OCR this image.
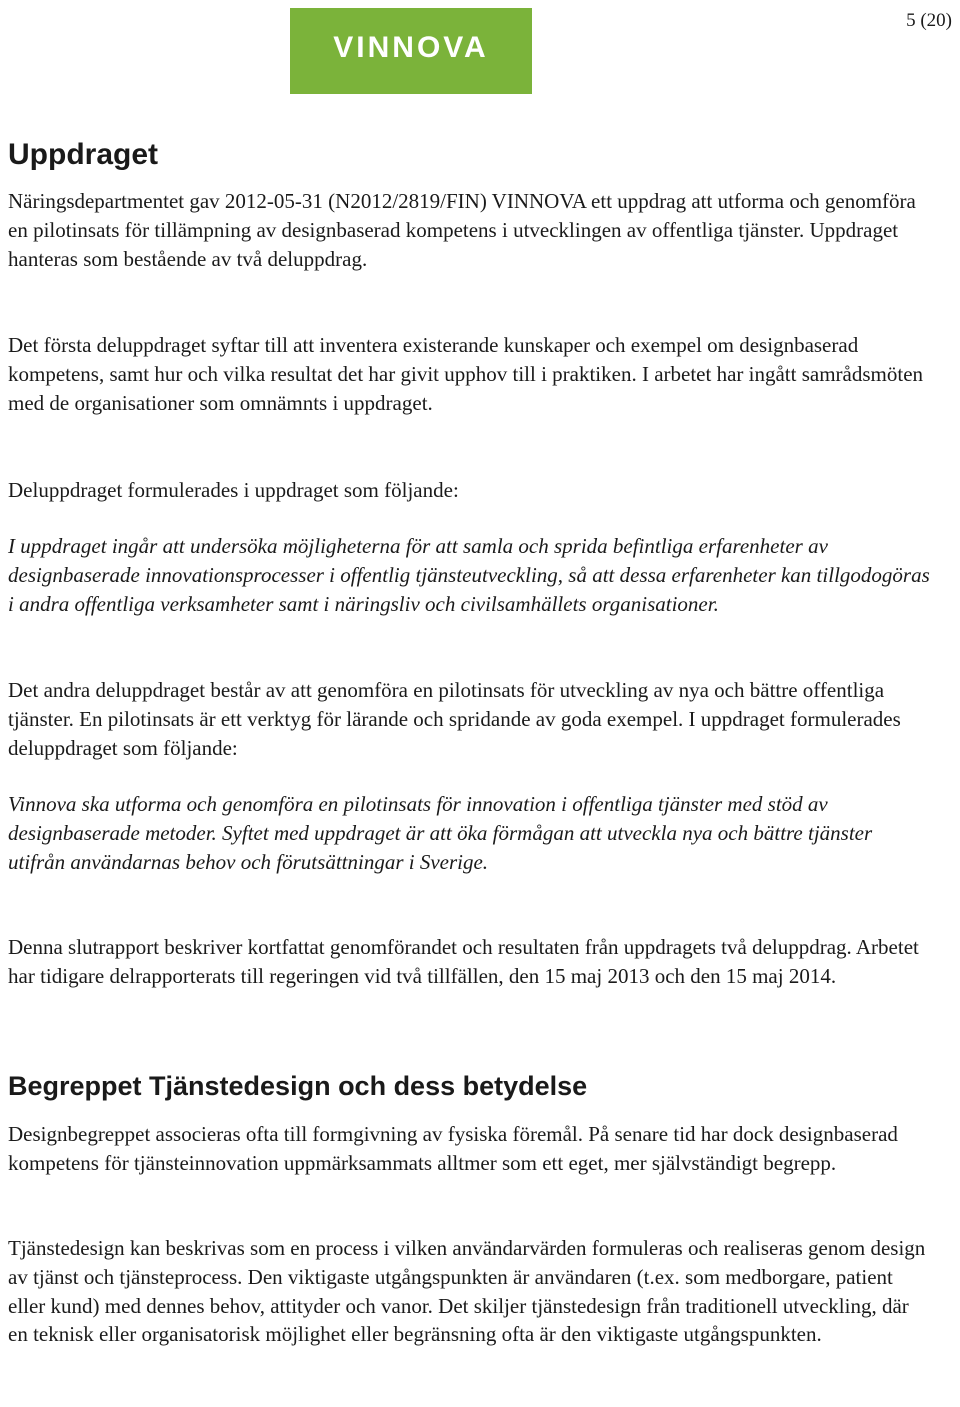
VINNOVA
5 (20)
Uppdraget

Näringsdepartmentet gav 2012-05-31 (N2012/2819/FIN) VINNOVA ett uppdrag att utforma och genomföra en pilotinsats för tillämpning av designbaserad kompetens i utvecklingen av offentliga tjänster. Uppdraget hanteras som bestående av två deluppdrag.

Det första deluppdraget syftar till att inventera existerande kunskaper och exempel om designbaserad kompetens, samt hur och vilka resultat det har givit upphov till i praktiken. I arbetet har ingått samrådsmöten med de organisationer som omnämnts i uppdraget.

Deluppdraget formulerades i uppdraget som följande:

I uppdraget ingår att undersöka möjligheterna för att samla och sprida befintliga erfarenheter av designbaserade innovationsprocesser i offentlig tjänsteutveckling, så att dessa erfarenheter kan tillgodogöras i andra offentliga verksamheter samt i näringsliv och civilsamhällets organisationer.

Det andra deluppdraget består av att genomföra en pilotinsats för utveckling av nya och bättre offentliga tjänster. En pilotinsats är ett verktyg för lärande och spridande av goda exempel. I uppdraget formulerades deluppdraget som följande:

Vinnova ska utforma och genomföra en pilotinsats för innovation i offentliga tjänster med stöd av designbaserade metoder. Syftet med uppdraget är att öka förmågan att utveckla nya och bättre tjänster utifrån användarnas behov och förutsättningar i Sverige.

Denna slutrapport beskriver kortfattat genomförandet och resultaten från uppdragets två deluppdrag. Arbetet har tidigare delrapporterats till regeringen vid två tillfällen, den 15 maj 2013 och den 15 maj 2014.

Begreppet Tjänstedesign och dess betydelse

Designbegreppet associeras ofta till formgivning av fysiska föremål. På senare tid har dock designbaserad kompetens för tjänsteinnovation uppmärksammats alltmer som ett eget, mer självständigt begrepp.

Tjänstedesign kan beskrivas som en process i vilken användarvärden formuleras och realiseras genom design av tjänst och tjänsteprocess. Den viktigaste utgångspunkten är användaren (t.ex. som medborgare, patient eller kund) med dennes behov, attityder och vanor. Det skiljer tjänstedesign från traditionell utveckling, där en teknisk eller organisatorisk möjlighet eller begränsning ofta är den viktigaste utgångspunkten.
